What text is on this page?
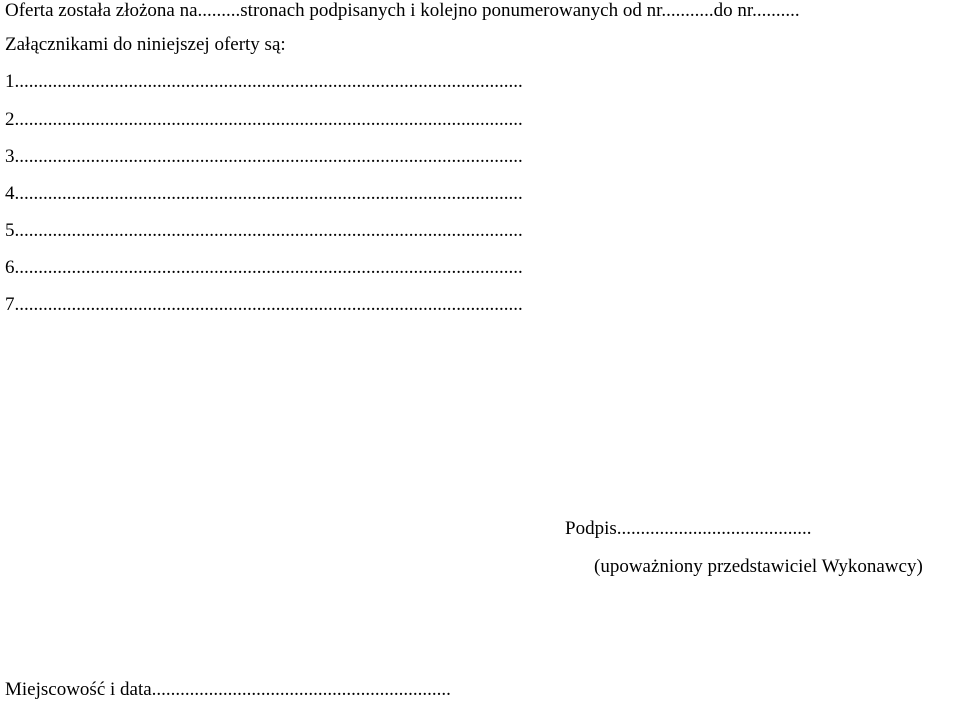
Oferta została złożona na.........stronach podpisanych i kolejno ponumerowanych od nr...........do nr..........
Załącznikami do niniejszej oferty są:
1...........................................................................................................
2...........................................................................................................
3...........................................................................................................
4...........................................................................................................
5...........................................................................................................
6...........................................................................................................
7...........................................................................................................
Podpis.........................................
(upoważniony przedstawiciel Wykonawcy)
Miejscowość i data...............................................................
